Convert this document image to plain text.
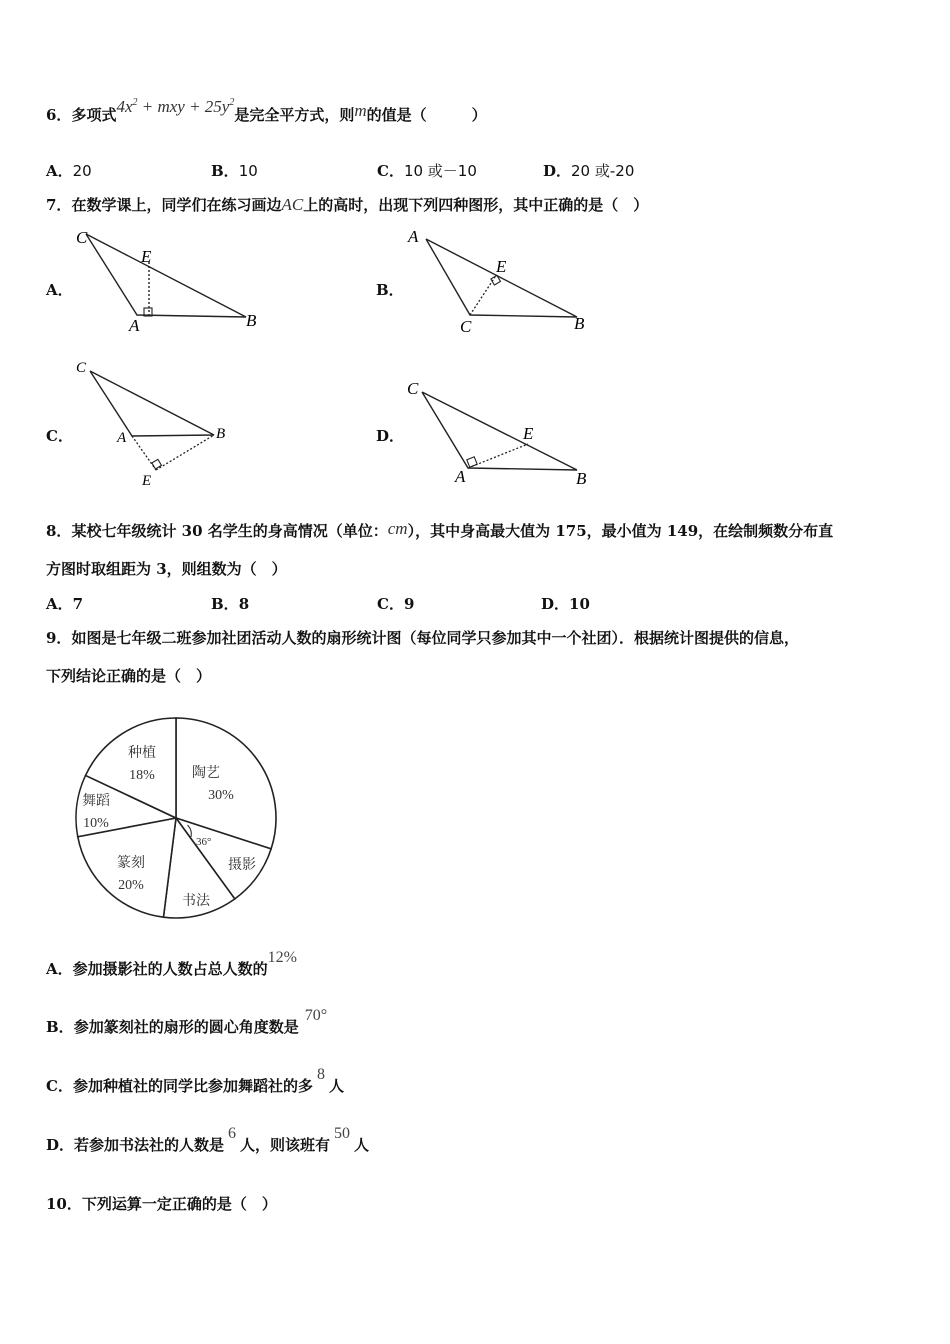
6．多项式$4x^2$ + mxy + $25y^2$是完全平方式，则m的值是（　　　）
A．20	B．10	C．10 或－10	D．20 或-20
7．在数学课上，同学们在练习画边AC上的高时，出现下列四种图形，其中正确的是（　）
A．
C
E
A	B
B．
A
E
C	B
C．
C
A	B
E
D．
C
E
A	B
8．某校七年级统计 30 名学生的身高情况（单位：cm），其中身高最大值为 175，最小值为 149，在绘制频数分布直
方图时取组距为 3，则组数为（　）
A．7	B．8	C．9	D．10
9．如图是七年级二班参加社团活动人数的扇形统计图（每位同学只参加其中一个社团）．根据统计图提供的信息，
下列结论正确的是（　）
36°
陶艺
30%
摄影
书法
篆刻
20%
舞蹈
10%
种植
18%
A．参加摄影社的人数占总人数的12%
B．参加篆刻社的扇形的圆心角度数是70°
C．参加种植社的同学比参加舞蹈社的多8人
D．若参加书法社的人数是6人，则该班有50人
10．下列运算一定正确的是（　）
